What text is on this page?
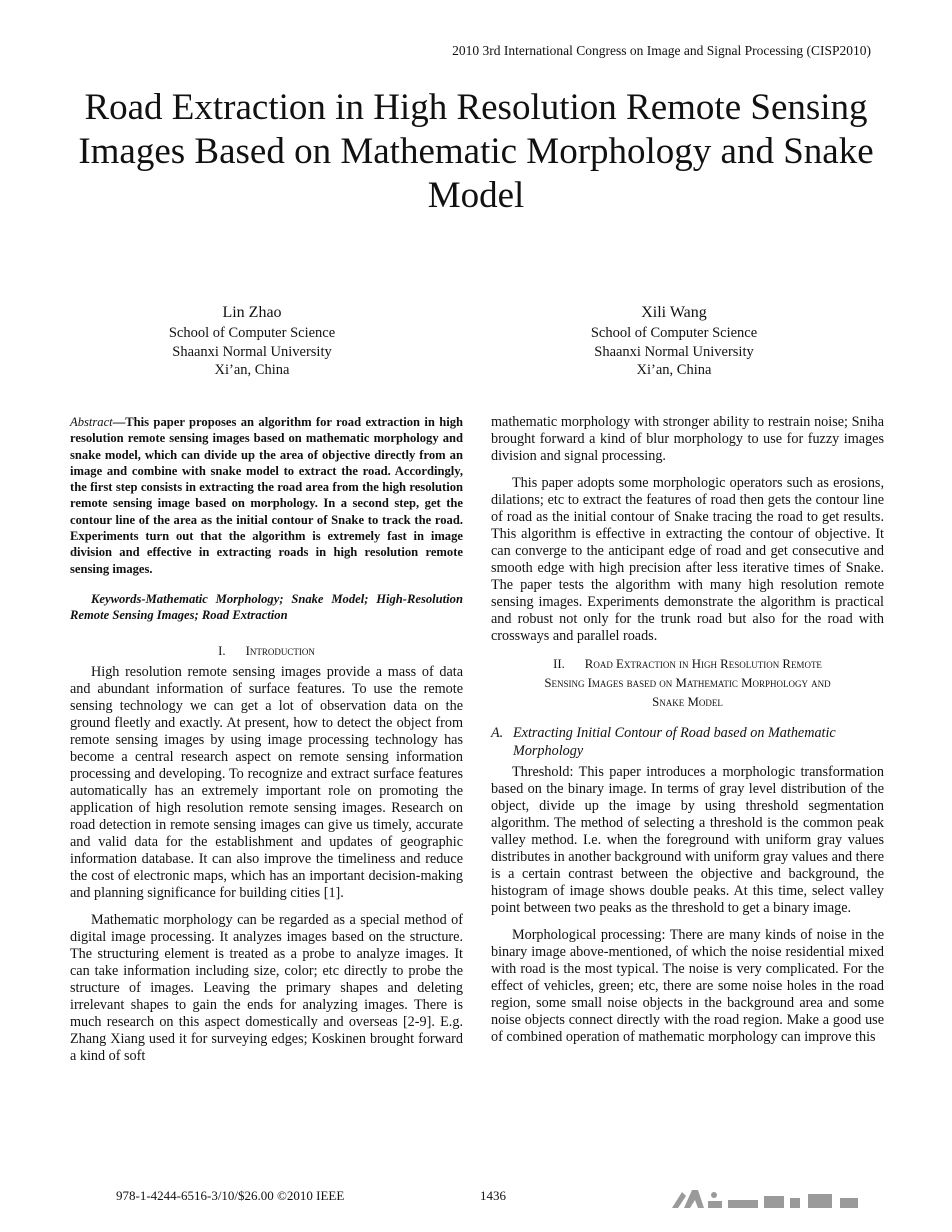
2010 3rd International Congress on Image and Signal Processing (CISP2010)
Road Extraction in High Resolution Remote Sensing Images Based on Mathematic Morphology and Snake Model
Lin Zhao
School of Computer Science
Shaanxi Normal University
Xi’an, China
Xili Wang
School of Computer Science
Shaanxi Normal University
Xi’an, China

Abstract—This paper proposes an algorithm for road extraction in high resolution remote sensing images based on mathematic morphology and snake model, which can divide up the area of objective directly from an image and combine with snake model to extract the road. Accordingly, the first step consists in extracting the road area from the high resolution remote sensing image based on morphology. In a second step, get the contour line of the area as the initial contour of Snake to track the road. Experiments turn out that the algorithm is extremely fast in image division and effective in extracting roads in high resolution remote sensing images.

Keywords-Mathematic Morphology; Snake Model; High-Resolution Remote Sensing Images; Road Extraction

I. Introduction

High resolution remote sensing images provide a mass of data and abundant information of surface features. To use the remote sensing technology we can get a lot of observation data on the ground fleetly and exactly. At present, how to detect the object from remote sensing images by using image processing technology has become a central research aspect on remote sensing information processing and developing. To recognize and extract surface features automatically has an extremely important role on promoting the application of high resolution remote sensing images. Research on road detection in remote sensing images can give us timely, accurate and valid data for the establishment and updates of geographic information database. It can also improve the timeliness and reduce the cost of electronic maps, which has an important decision-making and planning significance for building cities [1].

Mathematic morphology can be regarded as a special method of digital image processing. It analyzes images based on the structure. The structuring element is treated as a probe to analyze images. It can take information including size, color; etc directly to probe the structure of images. Leaving the primary shapes and deleting irrelevant shapes to gain the ends for analyzing images. There is much research on this aspect domestically and overseas [2-9]. E.g. Zhang Xiang used it for surveying edges; Koskinen brought forward a kind of soft

mathematic morphology with stronger ability to restrain noise; Sniha brought forward a kind of blur morphology to use for fuzzy images division and signal processing.

This paper adopts some morphologic operators such as erosions, dilations; etc to extract the features of road then gets the contour line of road as the initial contour of Snake tracing the road to get results. This algorithm is effective in extracting the contour of objective. It can converge to the anticipant edge of road and get consecutive and smooth edge with high precision after less iterative times of Snake. The paper tests the algorithm with many high resolution remote sensing images. Experiments demonstrate the algorithm is practical and robust not only for the trunk road but also for the road with crossways and parallel roads.

II. Road Extraction in High Resolution Remote
Sensing Images based on Mathematic Morphology and
Snake Model
A. Extracting Initial Contour of Road based on Mathematic Morphology

Threshold: This paper introduces a morphologic transformation based on the binary image. In terms of gray level distribution of the object, divide up the image by using threshold segmentation algorithm. The method of selecting a threshold is the common peak valley method. I.e. when the foreground with uniform gray values distributes in another background with uniform gray values and there is a certain contrast between the objective and background, the histogram of image shows double peaks. At this time, select valley point between two peaks as the threshold to get a binary image.

Morphological processing: There are many kinds of noise in the binary image above-mentioned, of which the noise residential mixed with road is the most typical. The noise is very complicated. For the effect of vehicles, green; etc, there are some noise holes in the road region, some small noise objects in the background area and some noise objects connect directly with the road region. Make a good use of combined operation of mathematic morphology can improve this

978-1-4244-6516-3/10/$26.00 ©2010 IEEE	1436
